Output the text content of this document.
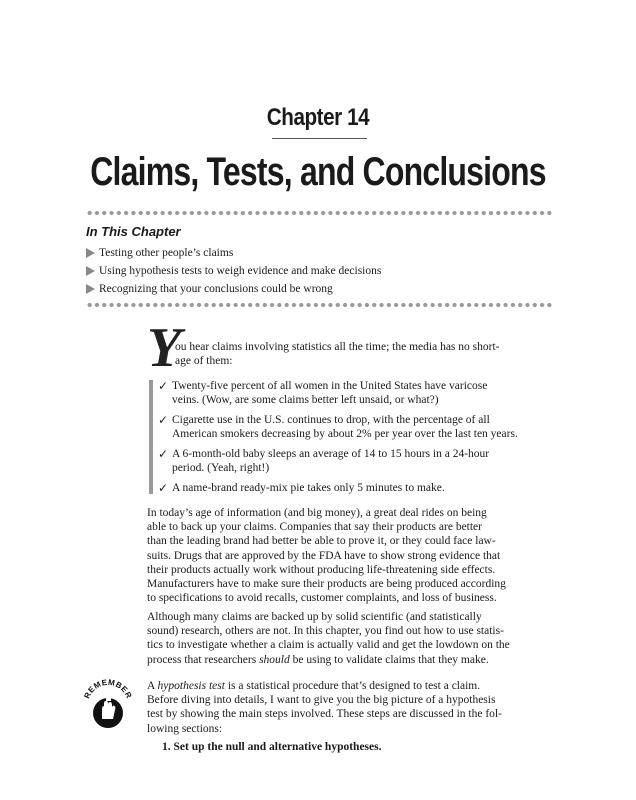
Chapter 14
Claims, Tests, and Conclusions
In This Chapter
Testing other people’s claims
Using hypothesis tests to weigh evidence and make decisions
Recognizing that your conclusions could be wrong
Y
ou hear claims involving statistics all the time; the media has no short-
age of them:
✓ Twenty-five percent of all women in the United States have varicose
veins. (Wow, are some claims better left unsaid, or what?)
✓ Cigarette use in the U.S. continues to drop, with the percentage of all
American smokers decreasing by about 2% per year over the last ten years.
✓ A 6-month-old baby sleeps an average of 14 to 15 hours in a 24-hour
period. (Yeah, right!)
✓ A name-brand ready-mix pie takes only 5 minutes to make.
In today’s age of information (and big money), a great deal rides on being
able to back up your claims. Companies that say their products are better
than the leading brand had better be able to prove it, or they could face law-
suits. Drugs that are approved by the FDA have to show strong evidence that
their products actually work without producing life-threatening side effects.
Manufacturers have to make sure their products are being produced according
to specifications to avoid recalls, customer complaints, and loss of business.
Although many claims are backed up by solid scientific (and statistically
sound) research, others are not. In this chapter, you find out how to use statis-
tics to investigate whether a claim is actually valid and get the lowdown on the
process that researchers should be using to validate claims that they make.
REMEMBER
A hypothesis test is a statistical procedure that’s designed to test a claim.
Before diving into details, I want to give you the big picture of a hypothesis
test by showing the main steps involved. These steps are discussed in the fol-
lowing sections:
1. Set up the null and alternative hypotheses.
